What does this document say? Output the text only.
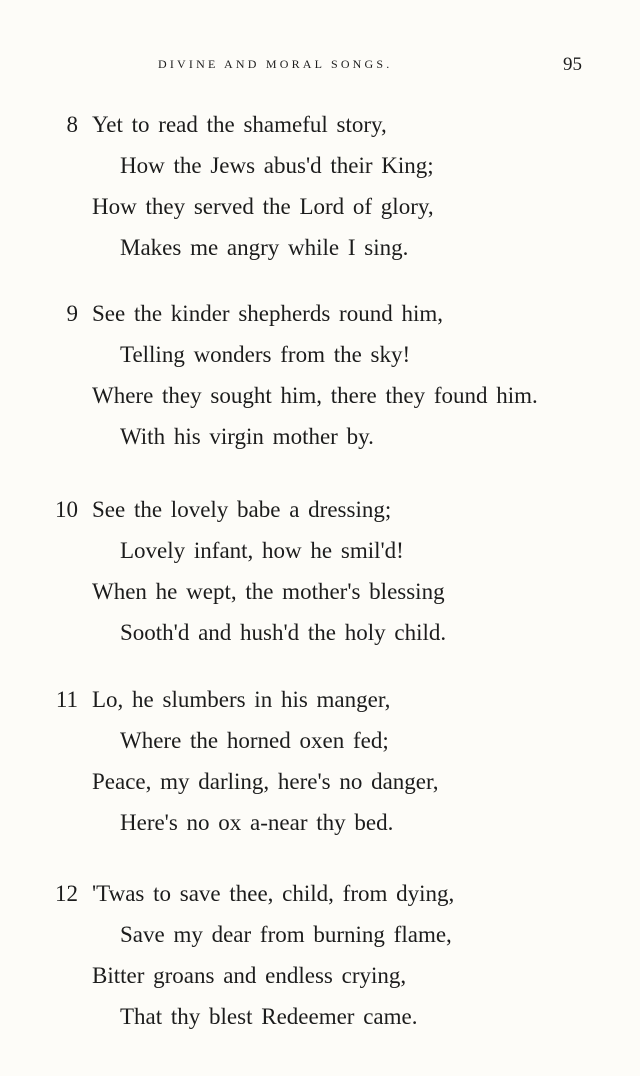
DIVINE AND MORAL SONGS.	95
8 Yet to read the shameful story,
How the Jews abus'd their King;
How they served the Lord of glory,
Makes me angry while I sing.
9 See the kinder shepherds round him,
Telling wonders from the sky!
Where they sought him, there they found him.
With his virgin mother by.
10 See the lovely babe a dressing;
Lovely infant, how he smil'd!
When he wept, the mother's blessing
Sooth'd and hush'd the holy child.
11 Lo, he slumbers in his manger,
Where the horned oxen fed;
Peace, my darling, here's no danger,
Here's no ox a-near thy bed.
12 'Twas to save thee, child, from dying,
Save my dear from burning flame,
Bitter groans and endless crying,
That thy blest Redeemer came.
